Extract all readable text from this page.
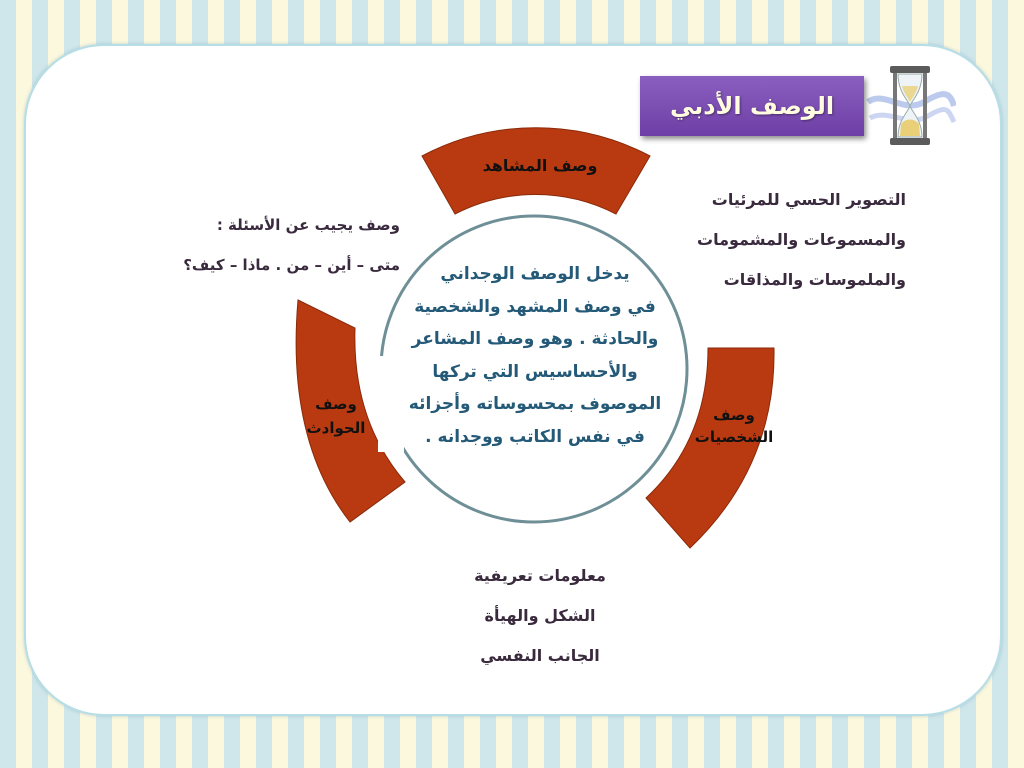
الوصف الأدبي
وصف المشاهد
وصف
الحوادث
وصف
الشخصيات
يدخل الوصف الوجداني
في وصف المشهد والشخصية
والحادثة . وهو وصف المشاعر
والأحساسيس التي تركها
الموصوف بمحسوساته وأجزائه
في نفس الكاتب ووجدانه .
التصوير الحسي للمرئيات
والمسموعات والمشمومات
والملموسات والمذاقات
وصف يجيب عن الأسئلة :
متى – أين – من . ماذا – كيف؟
معلومات تعريفية
الشكل والهيأة
الجانب النفسي
